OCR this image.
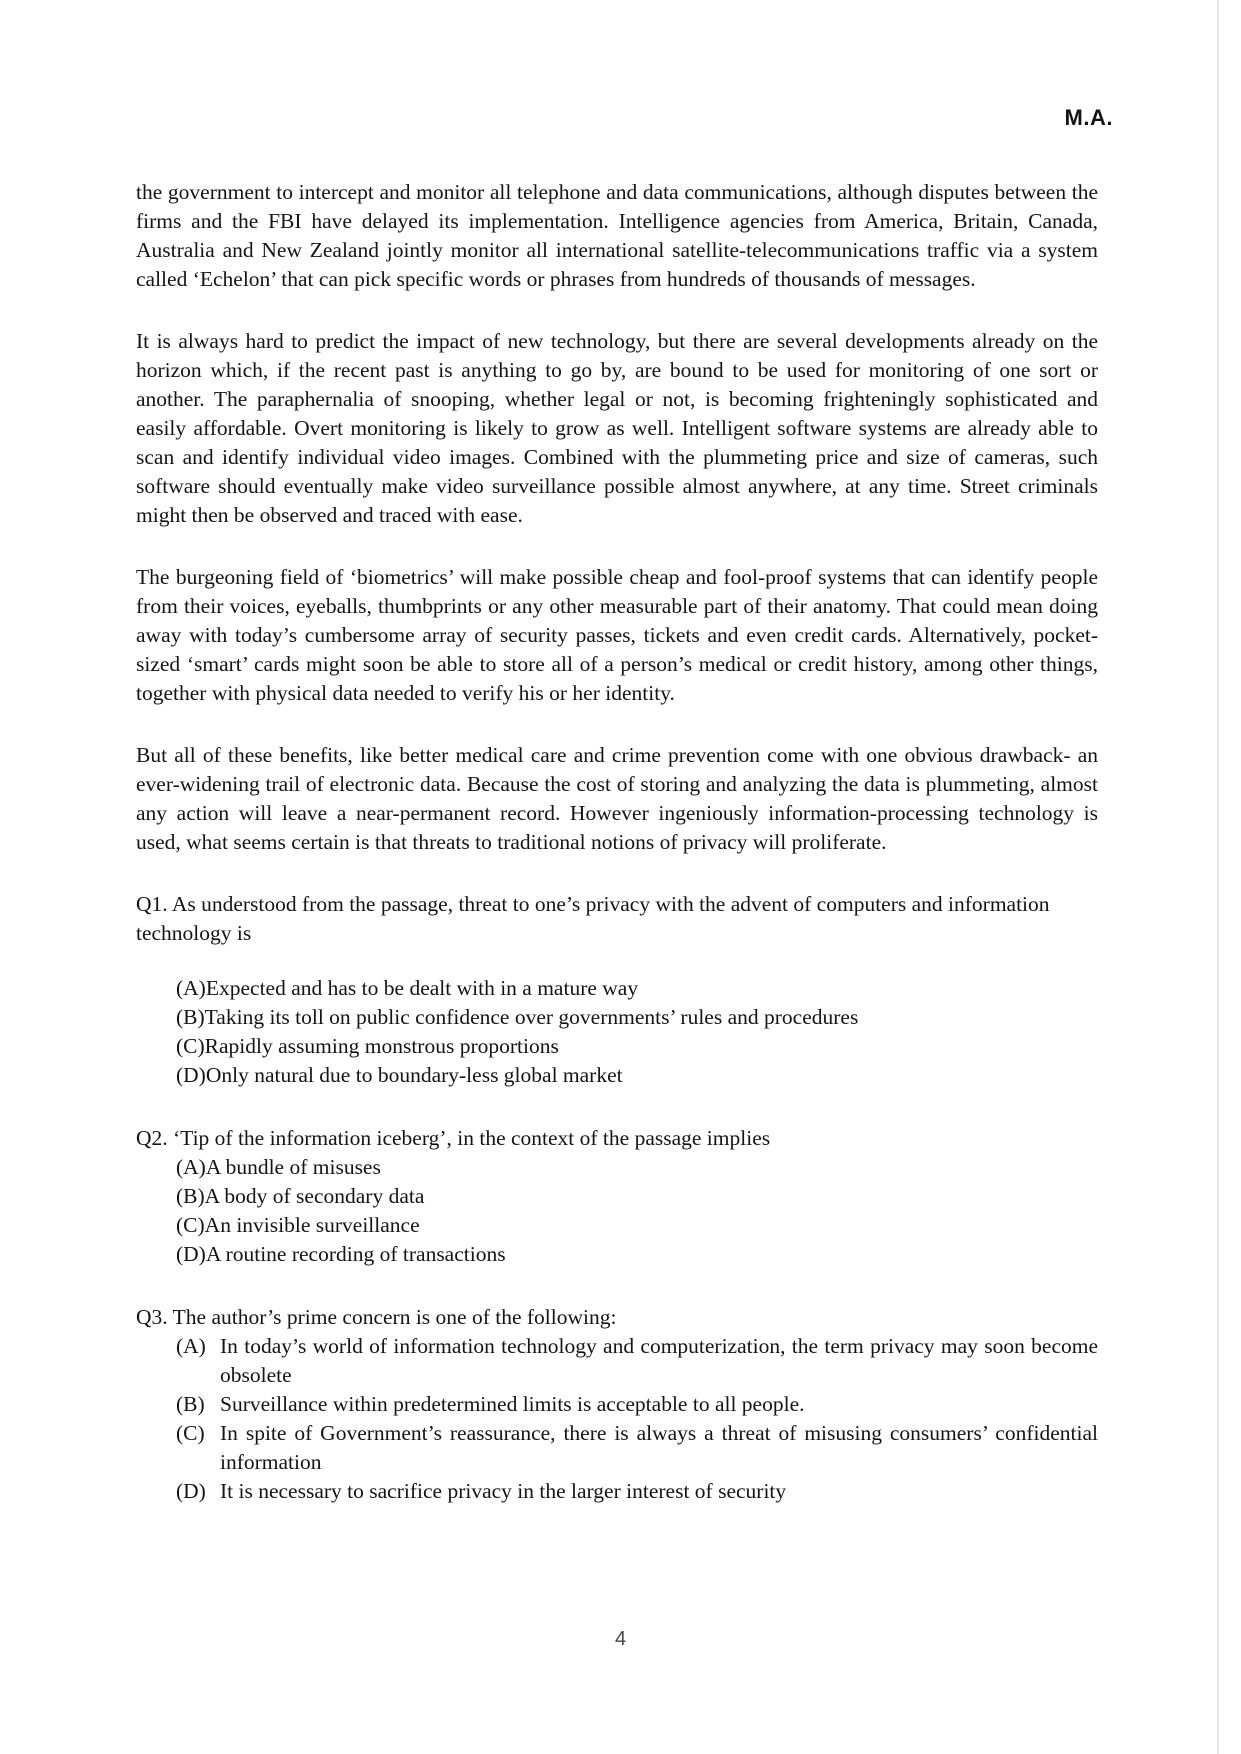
M.A.

the government to intercept and monitor all telephone and data communications, although disputes between the firms and the FBI have delayed its implementation. Intelligence agencies from America, Britain, Canada, Australia and New Zealand jointly monitor all international satellite-telecommunications traffic via a system called ‘Echelon’ that can pick specific words or phrases from hundreds of thousands of messages.

It is always hard to predict the impact of new technology, but there are several developments already on the horizon which, if the recent past is anything to go by, are bound to be used for monitoring of one sort or another. The paraphernalia of snooping, whether legal or not, is becoming frighteningly sophisticated and easily affordable. Overt monitoring is likely to grow as well. Intelligent software systems are already able to scan and identify individual video images. Combined with the plummeting price and size of cameras, such software should eventually make video surveillance possible almost anywhere, at any time. Street criminals might then be observed and traced with ease.

The burgeoning field of ‘biometrics’ will make possible cheap and fool-proof systems that can identify people from their voices, eyeballs, thumbprints or any other measurable part of their anatomy. That could mean doing away with today’s cumbersome array of security passes, tickets and even credit cards. Alternatively, pocket-sized ‘smart’ cards might soon be able to store all of a person’s medical or credit history, among other things, together with physical data needed to verify his or her identity.

But all of these benefits, like better medical care and crime prevention come with one obvious drawback- an ever-widening trail of electronic data. Because the cost of storing and analyzing the data is plummeting, almost any action will leave a near-permanent record. However ingeniously information-processing technology is used, what seems certain is that threats to traditional notions of privacy will proliferate.

Q1. As understood from the passage, threat to one’s privacy with the advent of computers and information technology is

(A) Expected and has to be dealt with in a mature way
(B) Taking its toll on public confidence over governments’ rules and procedures
(C) Rapidly assuming monstrous proportions
(D) Only natural due to boundary-less global market

Q2. ‘Tip of the information iceberg’, in the context of the passage implies

(A) A bundle of misuses
(B) A body of secondary data
(C) An invisible surveillance
(D) A routine recording of transactions

Q3. The author’s prime concern is one of the following:

(A) In today’s world of information technology and computerization, the term privacy may soon become obsolete
(B) Surveillance within predetermined limits is acceptable to all people.
(C) In spite of Government’s reassurance, there is always a threat of misusing consumers’ confidential information
(D) It is necessary to sacrifice privacy in the larger interest of security
4
